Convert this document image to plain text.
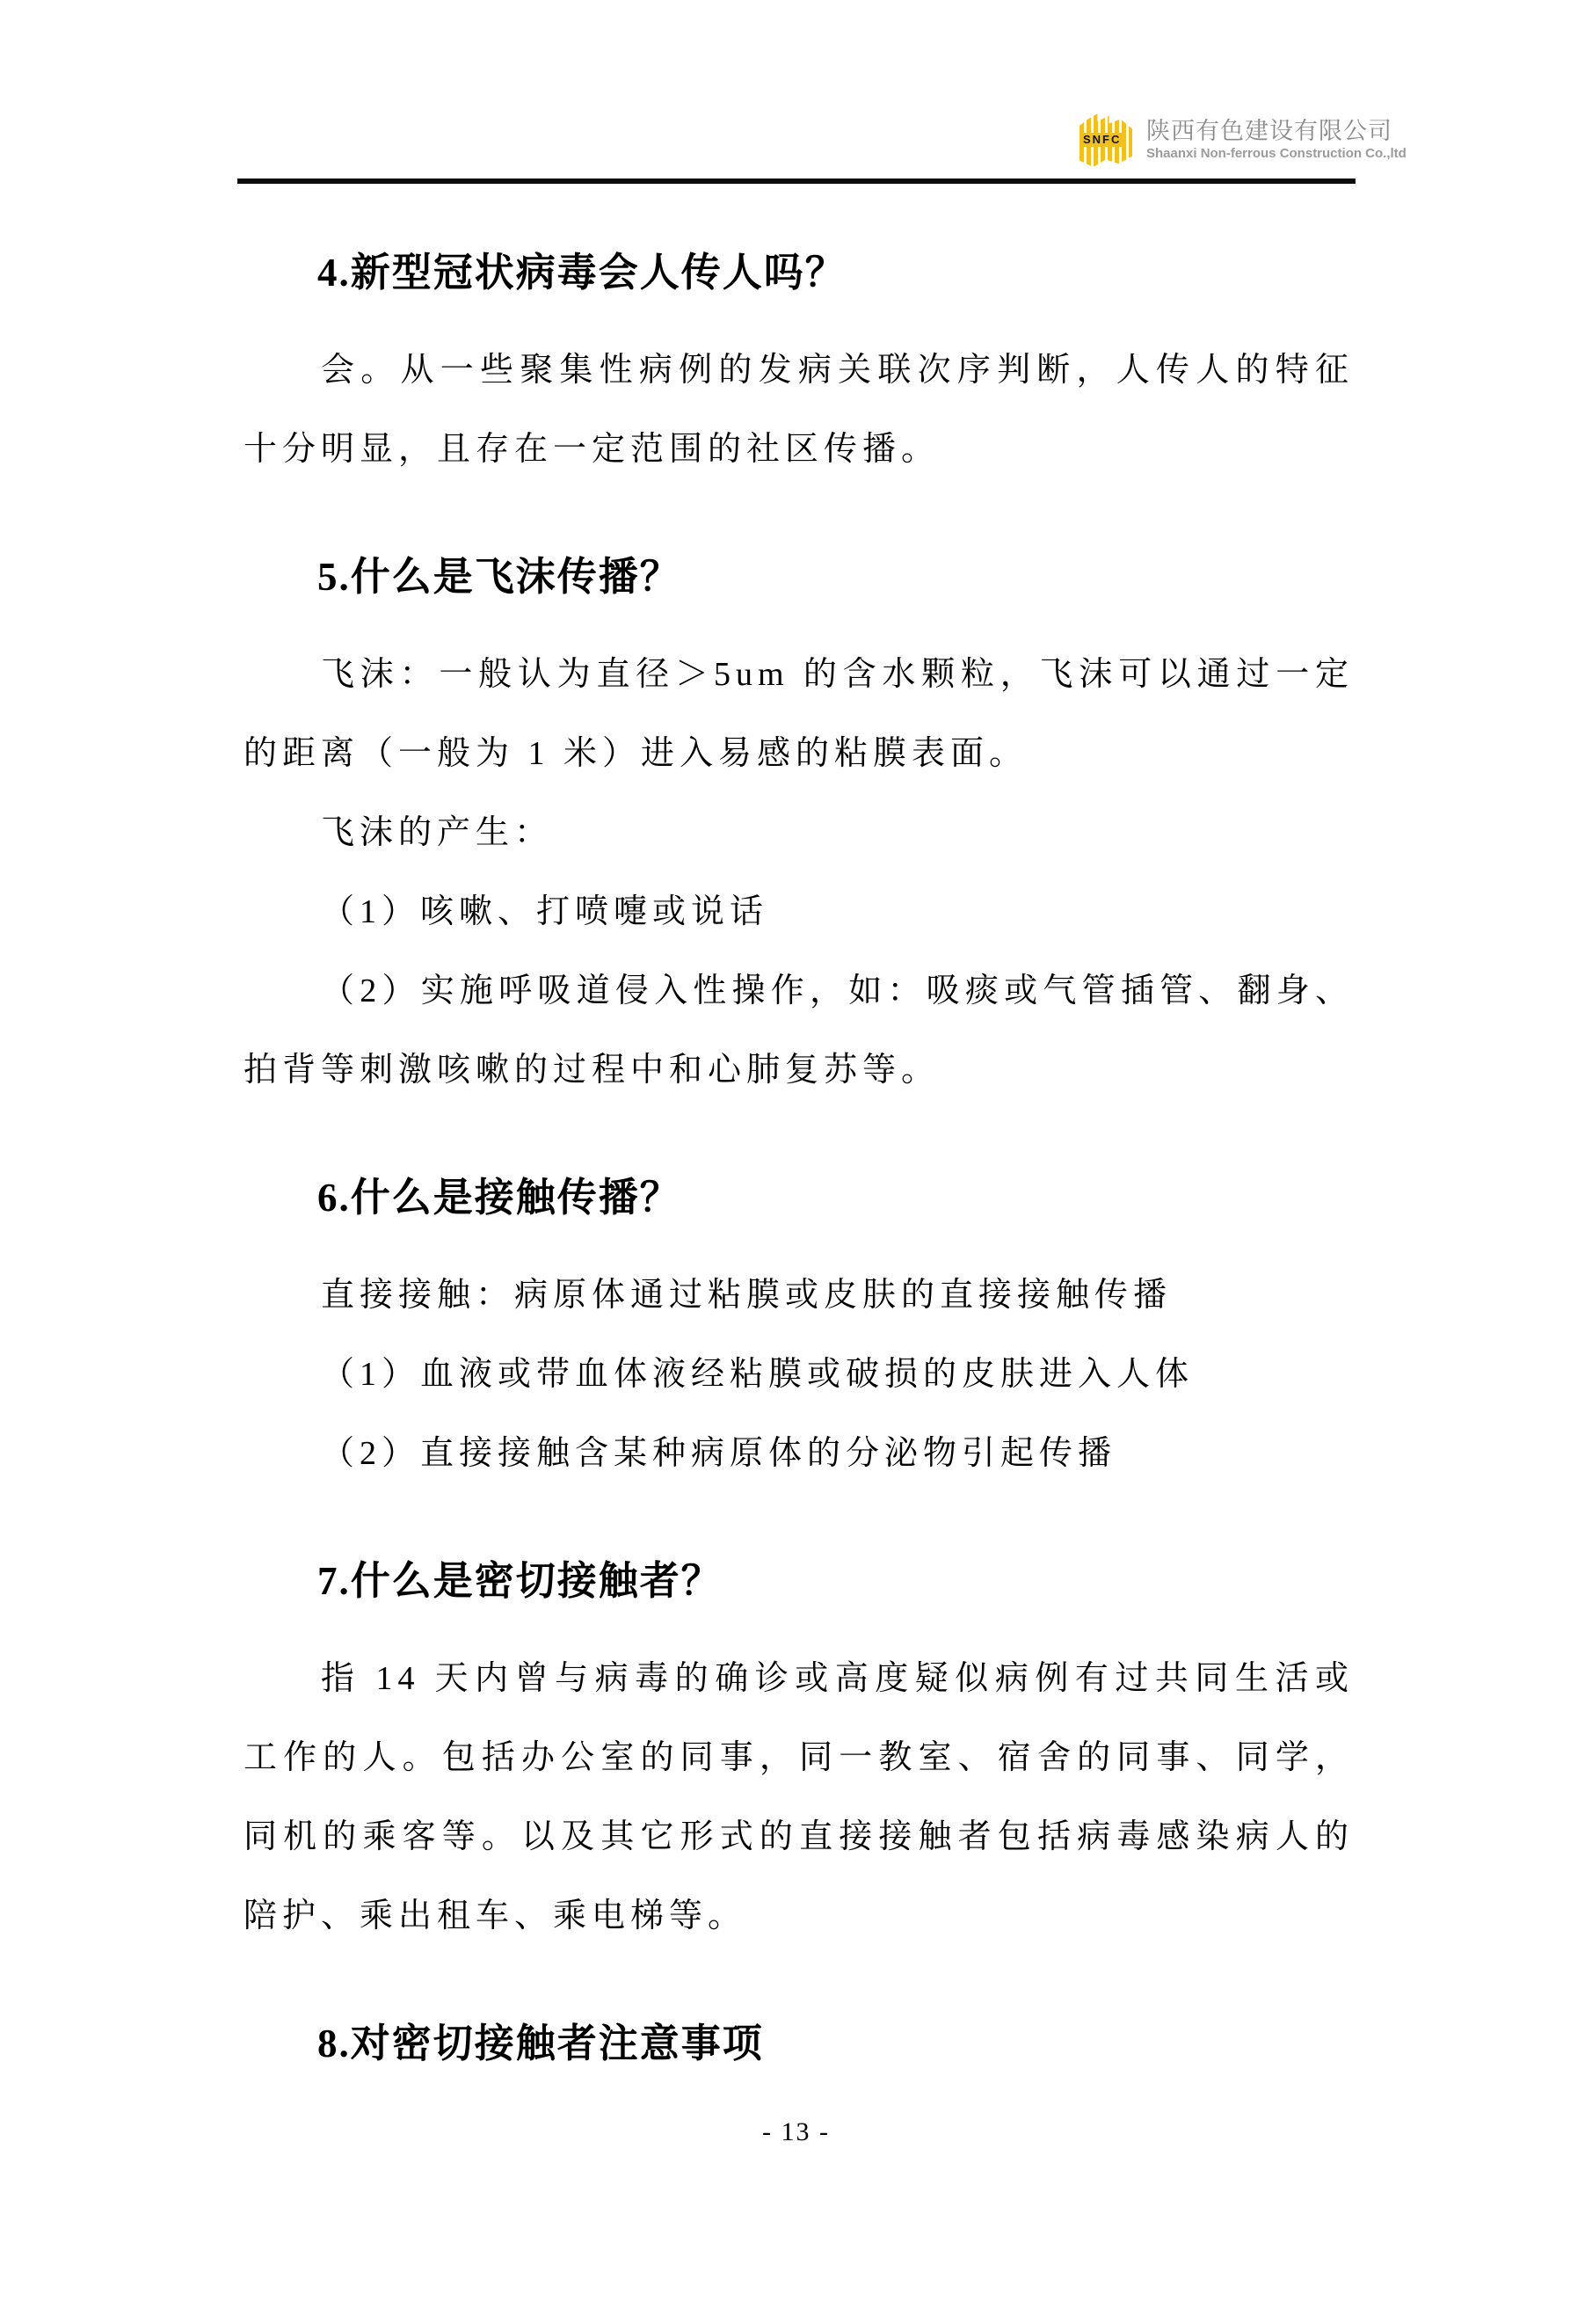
SNFC 陕西有色建设有限公司
Shaanxi Non-ferrous Construction Co.,ltd
4.新型冠状病毒会人传人吗？

会。从一些聚集性病例的发病关联次序判断，人传人的特征十分明显，且存在一定范围的社区传播。

5.什么是飞沫传播？

飞沫：一般认为直径＞5um 的含水颗粒，飞沫可以通过一定的距离（一般为 1 米）进入易感的粘膜表面。

飞沫的产生：

（1）咳嗽、打喷嚏或说话

（2）实施呼吸道侵入性操作，如：吸痰或气管插管、翻身、拍背等刺激咳嗽的过程中和心肺复苏等。

6.什么是接触传播？

直接接触：病原体通过粘膜或皮肤的直接接触传播

（1）血液或带血体液经粘膜或破损的皮肤进入人体

（2）直接接触含某种病原体的分泌物引起传播

7.什么是密切接触者？

指 14 天内曾与病毒的确诊或高度疑似病例有过共同生活或工作的人。包括办公室的同事，同一教室、宿舍的同事、同学，同机的乘客等。以及其它形式的直接接触者包括病毒感染病人的陪护、乘出租车、乘电梯等。

8.对密切接触者注意事项
- 13 -
